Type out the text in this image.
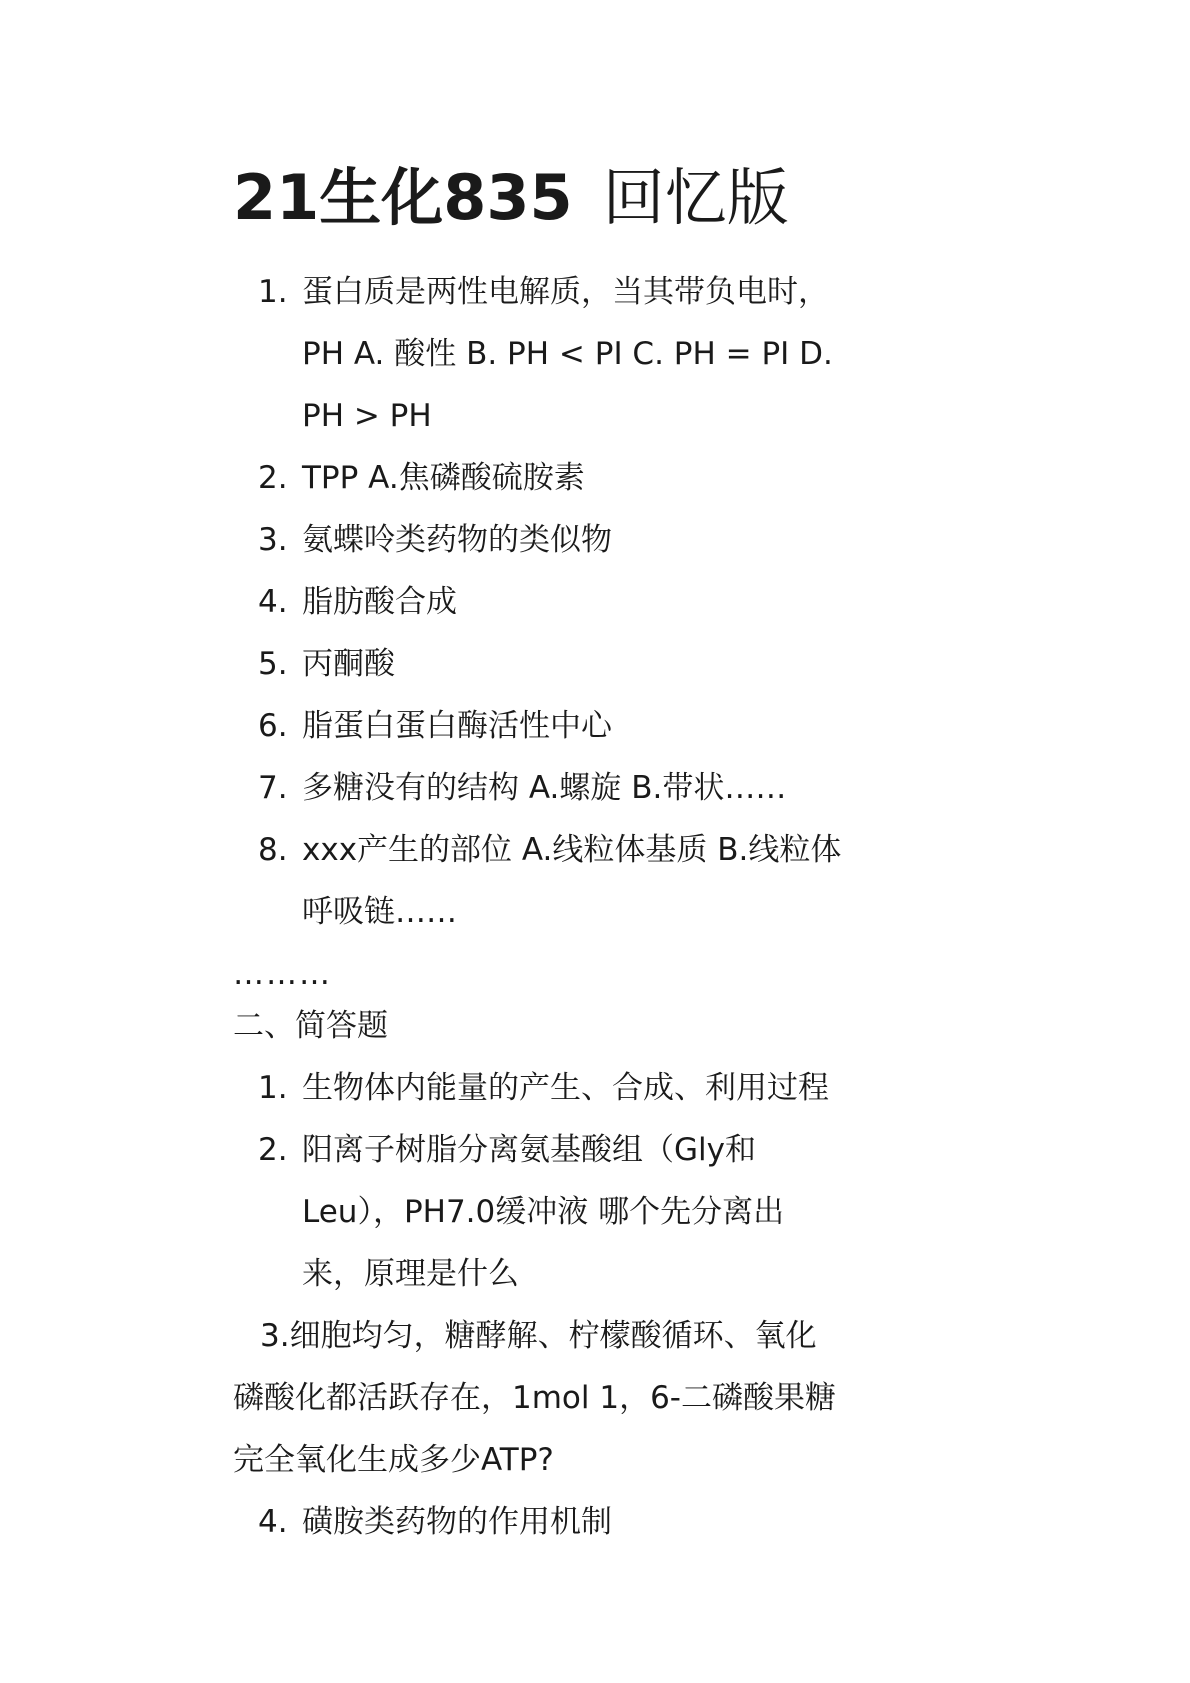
21生化835 回忆版
1. 蛋白质是两性电解质，当其带负电时，
PH A. 酸性 B. PH < PI C. PH = PI D.
PH > PH
2. TPP A.焦磷酸硫胺素
3. 氨蝶呤类药物的类似物
4. 脂肪酸合成
5. 丙酮酸
6. 脂蛋白蛋白酶活性中心
7. 多糖没有的结构 A.螺旋 B.带状……
8. xxx产生的部位 A.线粒体基质 B.线粒体
呼吸链……
………
二、简答题
1. 生物体内能量的产生、合成、利用过程
2. 阳离子树脂分离氨基酸组（Gly和
Leu），PH7.0缓冲液 哪个先分离出
来，原理是什么
3.细胞均匀，糖酵解、柠檬酸循环、氧化
磷酸化都活跃存在，1mol 1，6-二磷酸果糖
完全氧化生成多少ATP?
4. 磺胺类药物的作用机制
